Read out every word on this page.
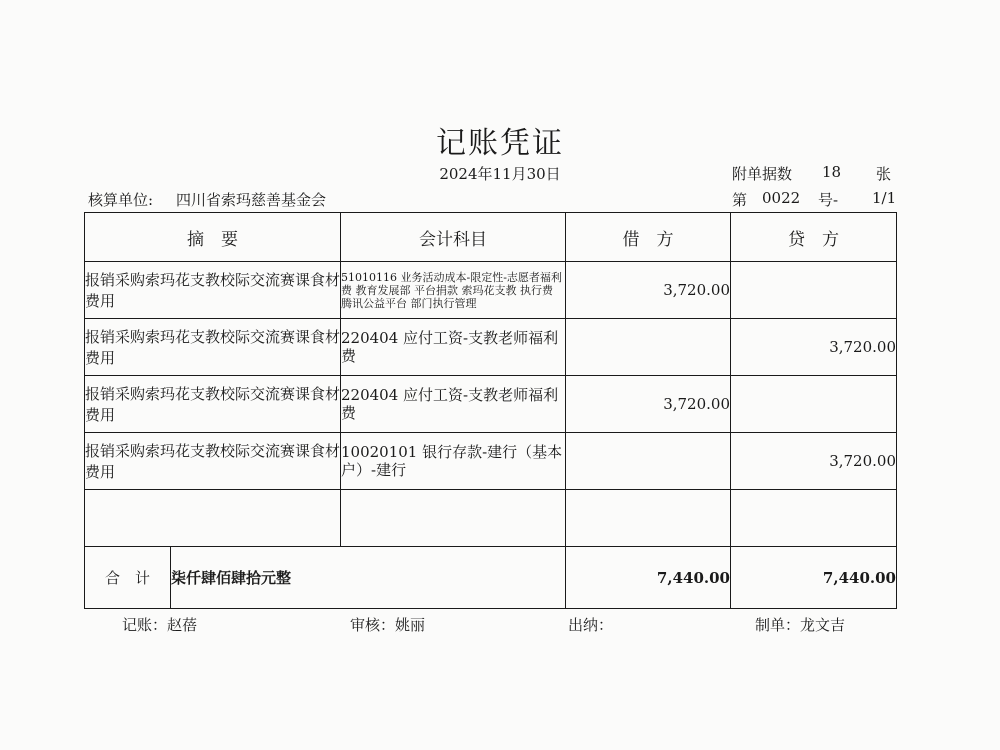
记账凭证
2024年11月30日	附单据数 18 张
核算单位: 四川省索玛慈善基金会	第 0022 号- 1/1
摘　要		会计科目	借　方	贷　方
报销采购索玛花支教校际交流赛课食材费用		51010116 业务活动成本-限定性-志愿者福利费 教育发展部 平台捐款 索玛花支教 执行费 腾讯公益平台 部门执行管理	3,720.00	
报销采购索玛花支教校际交流赛课食材费用		220404 应付工资-支教老师福利费		3,720.00
报销采购索玛花支教校际交流赛课食材费用		220404 应付工资-支教老师福利费	3,720.00	
报销采购索玛花支教校际交流赛课食材费用		10020101 银行存款-建行（基本户）-建行		3,720.00

合　计	柒仟肆佰肆拾元整		7,440.00	7,440.00
记账：赵蓓	审核：姚丽	出纳：	制单：龙文吉
